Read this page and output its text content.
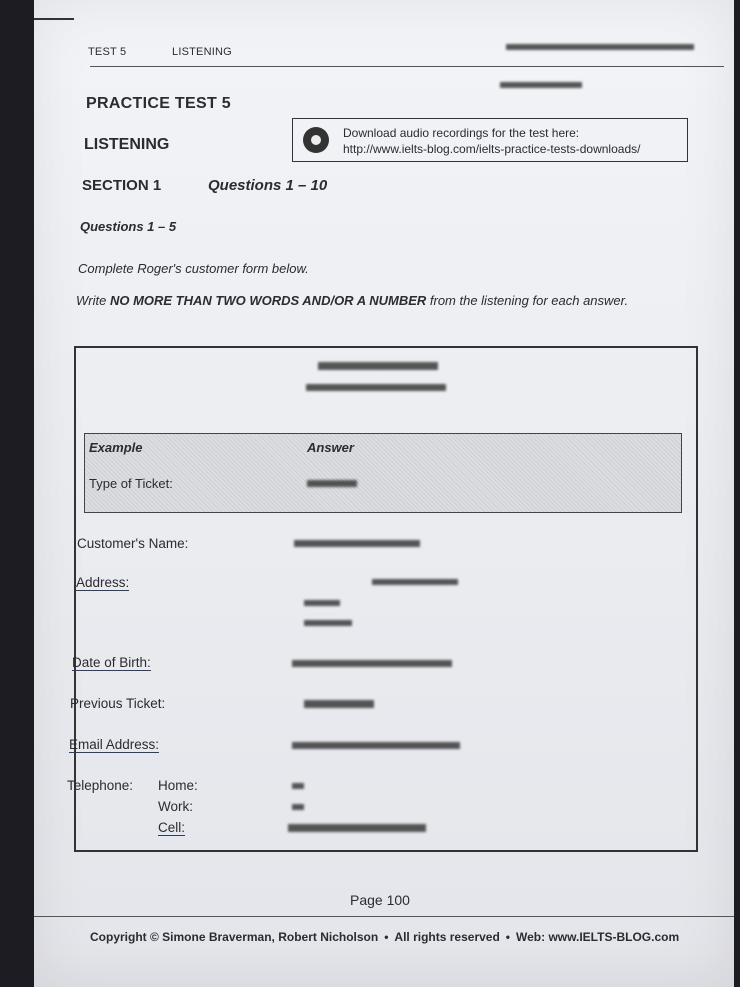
TEST 5	LISTENING
PRACTICE TEST 5
LISTENING
Download audio recordings for the test here:
http://www.ielts-blog.com/ielts-practice-tests-downloads/
SECTION 1	Questions 1 – 10
Questions 1 – 5
Complete Roger's customer form below.
Write NO MORE THAN TWO WORDS AND/OR A NUMBER from the listening for each answer.
Example	Answer
Type of Ticket:
Customer's Name:
Address:
Date of Birth:
Previous Ticket:
Email Address:
Telephone: Home:
Work:
Cell:
Page 100
Copyright © Simone Braverman, Robert Nicholson • All rights reserved • Web: www.IELTS-BLOG.com
